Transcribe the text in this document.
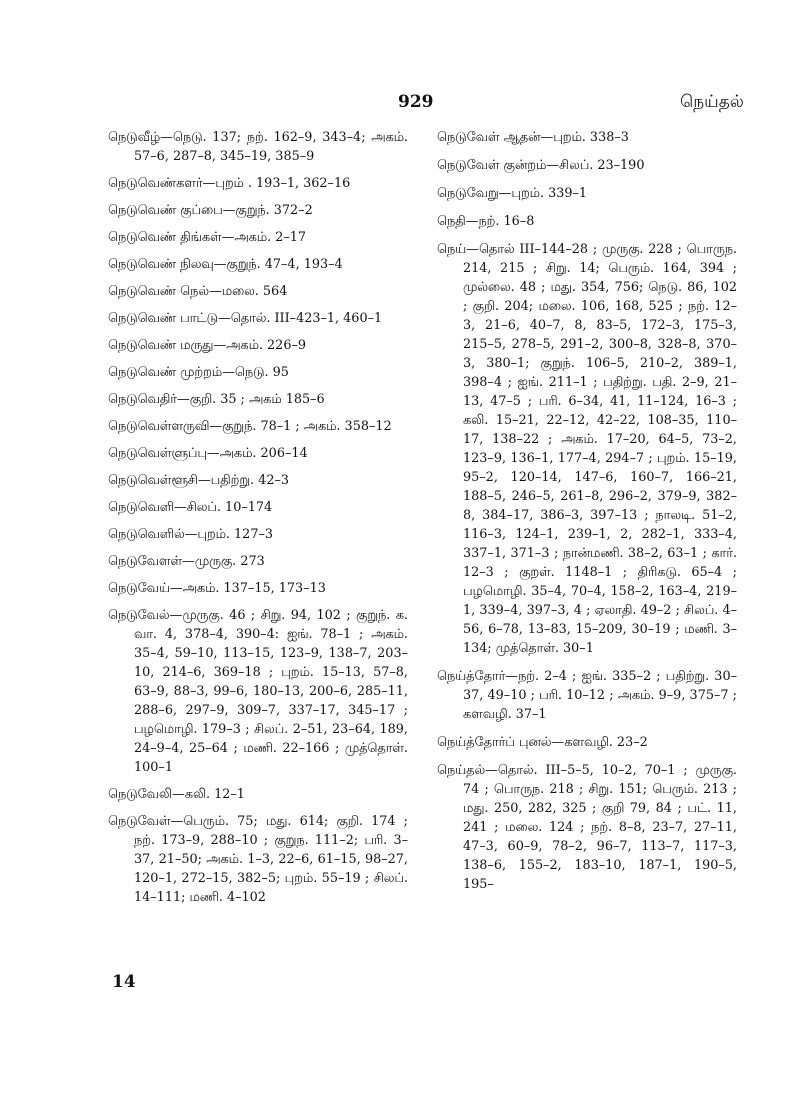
929	நெய்தல்
நெடுவீழ்—நெடு. 137; நற். 162–9, 343–4; அகம். 57–6, 287–8, 345–19, 385–9
நெடுவெண்களர்—புறம் . 193–1, 362–16
நெடுவெண் குப்பை—குறுந். 372–2
நெடுவெண் திங்கள்—அகம். 2–17
நெடுவெண் நிலவு—குறுந். 47–4, 193–4
நெடுவெண் நெல்—மலை. 564
நெடுவெண் பாட்டு—தொல். III–423–1, 460–1
நெடுவெண் மருது—அகம். 226–9
நெடுவெண் முற்றம்—நெடு. 95
நெடுவெதிர்—குறி. 35 ; அகம் 185–6
நெடுவெள்ளருவி—குறுந். 78–1 ; அகம். 358–12
நெடுவெள்ளுப்பு—அகம். 206–14
நெடுவெள்ளூசி—பதிற்று. 42–3
நெடுவெளி—சிலப். 10–174
நெடுவெளில்—புறம். 127–3
நெடுவேளள்—முருகு. 273
நெடுவேய்—அகம். 137–15, 173–13
நெடுவேல்—முருகு. 46 ; சிறு. 94, 102 ; குறுந். க. வா. 4, 378–4, 390–4: ஐங். 78–1 ; அகம். 35–4, 59–10, 113–15, 123–9, 138–7, 203–10, 214–6, 369–18 ; புறம். 15–13, 57–8, 63–9, 88–3, 99–6, 180–13, 200–6, 285–11, 288–6, 297–9, 309–7, 337–17, 345–17 ; பழமொழி. 179–3 ; சிலப். 2–51, 23–64, 189, 24–9–4, 25–64 ; மணி. 22–166 ; முத்தொள். 100–1
நெடுவேலி—கலி. 12–1
நெடுவேள்—பெரும். 75; மது. 614; குறி. 174 ; நற். 173–9, 288–10 ; குறுந. 111–2; பரி. 3–37, 21–50; அகம். 1–3, 22–6, 61–15, 98–27, 120–1, 272–15, 382–5; புறம். 55–19 ; சிலப். 14–111; மணி. 4–102
நெடுவேள் ஆதன்—புறம். 338–3
நெடுவேள் குன்றம்—சிலப். 23–190
நெடுவேறு—புறம். 339–1
நெதி—நற். 16–8
நெய்—தொல் III–144–28 ; முருகு. 228 ; பொருந. 214, 215 ; சிறு. 14; பெரும். 164, 394 ; முல்லை. 48 ; மது. 354, 756; நெடு. 86, 102 ; குறி. 204; மலை. 106, 168, 525 ; நற். 12–3, 21–6, 40–7, 8, 83–5, 172–3, 175–3, 215–5, 278–5, 291–2, 300–8, 328–8, 370–3, 380–1; குறுந். 106–5, 210–2, 389–1, 398–4 ; ஐங். 211–1 ; பதிற்று. பதி. 2–9, 21–13, 47–5 ; பரி. 6–34, 41, 11–124, 16–3 ; கலி. 15–21, 22–12, 42–22, 108–35, 110–17, 138–22 ; அகம். 17–20, 64–5, 73–2, 123–9, 136–1, 177–4, 294–7 ; புறம். 15–19, 95–2, 120–14, 147–6, 160–7, 166–21, 188–5, 246–5, 261–8, 296–2, 379–9, 382–8, 384–17, 386–3, 397–13 ; நாலடி. 51–2, 116–3, 124–1, 239–1, 2, 282–1, 333–4, 337–1, 371–3 ; நான்மணி. 38–2, 63–1 ; கார். 12–3 ; குறள். 1148–1 ; திரிகடு. 65–4 ; பழமொழி. 35–4, 70–4, 158–2, 163–4, 219–1, 339–4, 397–3, 4 ; ஏலாதி. 49–2 ; சிலப். 4–56, 6–78, 13–83, 15–209, 30–19 ; மணி. 3–134; முத்தொள். 30–1
நெய்த்தோர்—நற். 2–4 ; ஐங். 335–2 ; பதிற்று. 30–37, 49–10 ; பரி. 10–12 ; அகம். 9–9, 375–7 ; களவழி. 37–1
நெய்த்தோர்ப் புனல்—களவழி. 23–2
நெய்தல்—தொல். III–5–5, 10–2, 70–1 ; முருகு. 74 ; பொருந. 218 ; சிறு. 151; பெரும். 213 ; மது. 250, 282, 325 ; குறி 79, 84 ; பட். 11, 241 ; மலை. 124 ; நற். 8–8, 23–7, 27–11, 47–3, 60–9, 78–2, 96–7, 113–7, 117–3, 138–6, 155–2, 183–10, 187–1, 190–5, 195–
14
